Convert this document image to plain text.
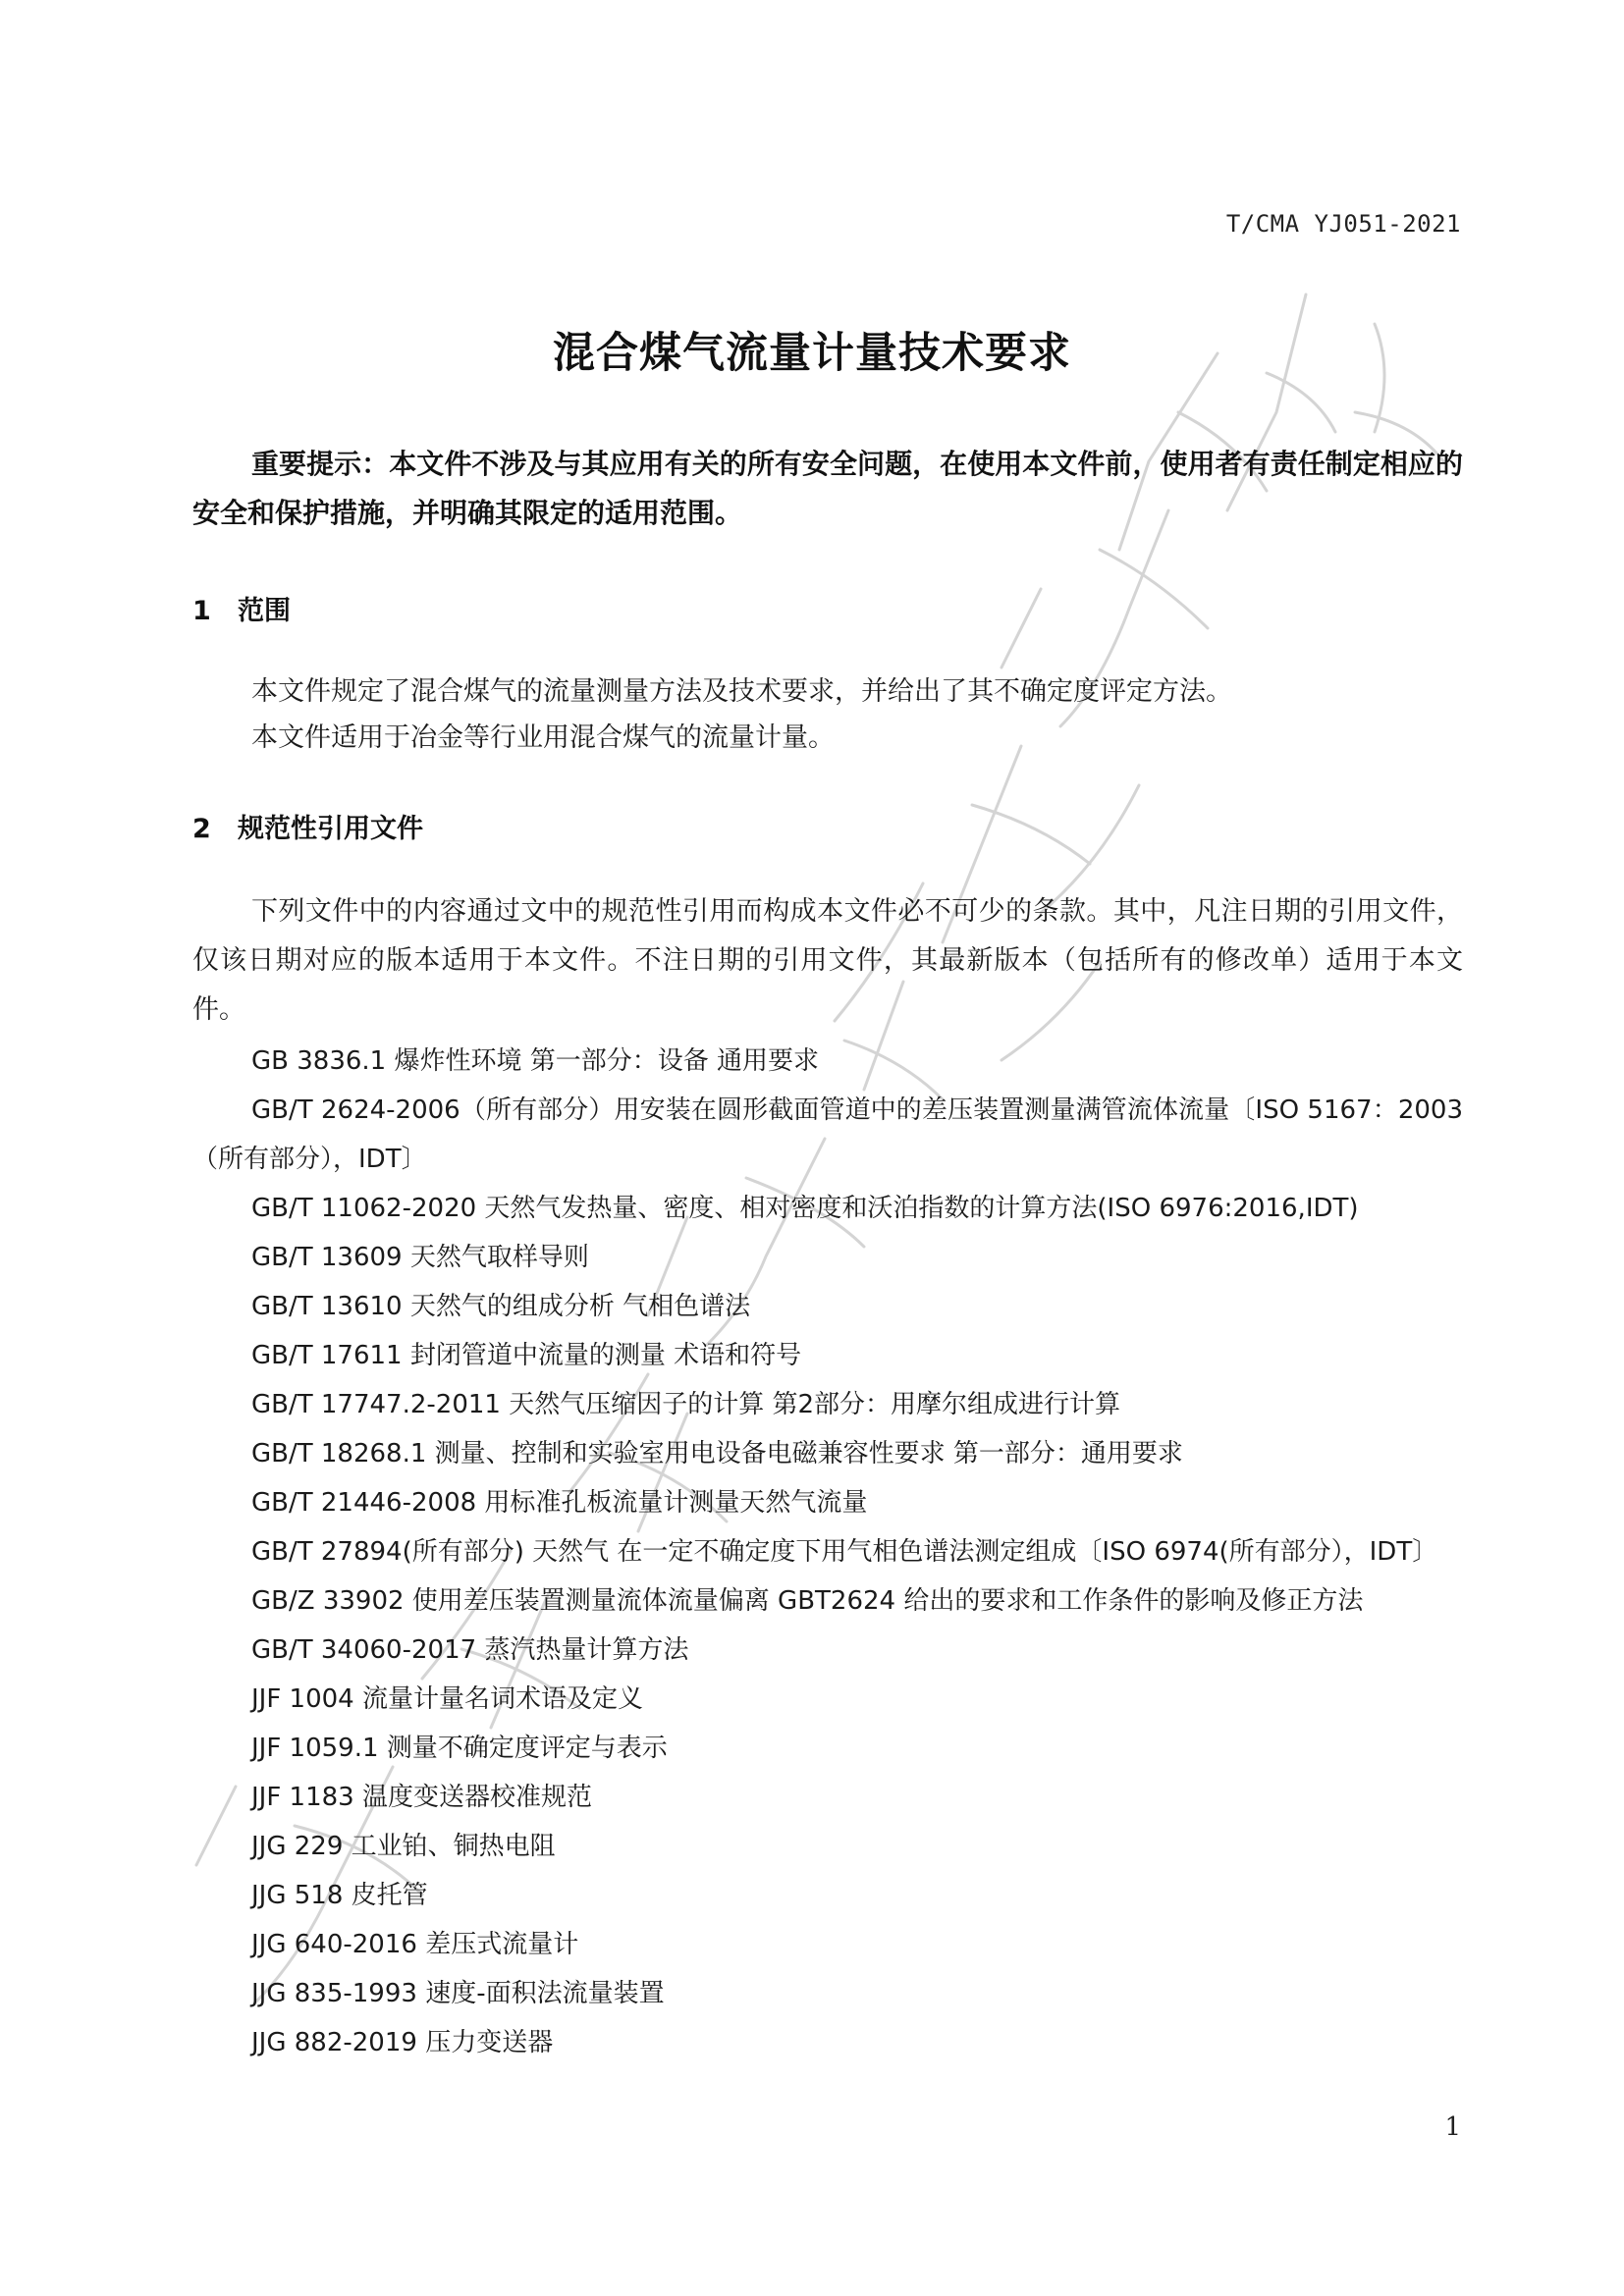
T/CMA YJ051-2021
混合煤气流量计量技术要求

重要提示：本文件不涉及与其应用有关的所有安全问题，在使用本文件前，使用者有责任制定相应的安全和保护措施，并明确其限定的适用范围。

1 范围

本文件规定了混合煤气的流量测量方法及技术要求，并给出了其不确定度评定方法。

本文件适用于冶金等行业用混合煤气的流量计量。

2 规范性引用文件

下列文件中的内容通过文中的规范性引用而构成本文件必不可少的条款。其中，凡注日期的引用文件，仅该日期对应的版本适用于本文件。不注日期的引用文件，其最新版本（包括所有的修改单）适用于本文件。

GB 3836.1 爆炸性环境 第一部分：设备 通用要求
GB/T 2624-2006（所有部分）用安装在圆形截面管道中的差压装置测量满管流体流量〔ISO 5167：2003（所有部分），IDT〕
GB/T 11062-2020 天然气发热量、密度、相对密度和沃泊指数的计算方法(ISO 6976:2016,IDT)
GB/T 13609 天然气取样导则
GB/T 13610 天然气的组成分析 气相色谱法
GB/T 17611 封闭管道中流量的测量 术语和符号
GB/T 17747.2-2011 天然气压缩因子的计算 第2部分：用摩尔组成进行计算
GB/T 18268.1 测量、控制和实验室用电设备电磁兼容性要求 第一部分：通用要求
GB/T 21446-2008 用标准孔板流量计测量天然气流量
GB/T 27894(所有部分) 天然气 在一定不确定度下用气相色谱法测定组成〔ISO 6974(所有部分），IDT〕
GB/Z 33902 使用差压装置测量流体流量偏离 GBT2624 给出的要求和工作条件的影响及修正方法
GB/T 34060-2017 蒸汽热量计算方法
JJF 1004 流量计量名词术语及定义
JJF 1059.1 测量不确定度评定与表示
JJF 1183 温度变送器校准规范
JJG 229 工业铂、铜热电阻
JJG 518 皮托管
JJG 640-2016 差压式流量计
JJG 835-1993 速度-面积法流量装置
JJG 882-2019 压力变送器
1
